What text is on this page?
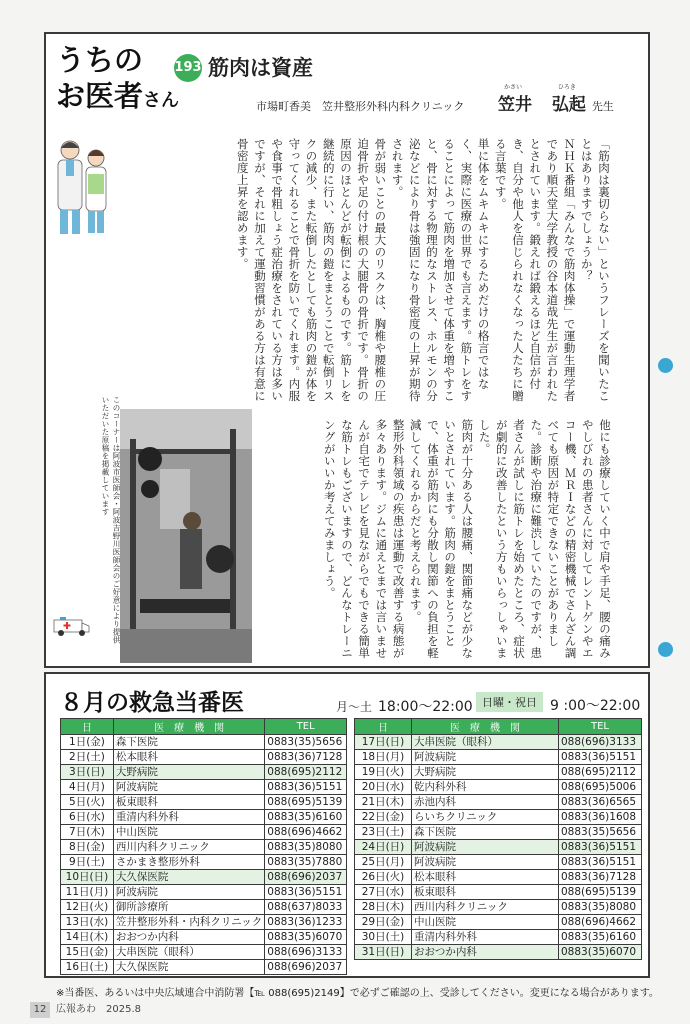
うちの
お医者さん
193 筋肉は資産
市場町香美　笠井整形外科内科クリニック
かさい
笠井
ひろき
弘起 先生
「筋肉は裏切らない」というフレーズを聞いたことはありますでしょうか？
ＮＨＫ番組「みんなで筋肉体操」で運動生理学者であり順天堂大学教授の谷本道哉先生が言われたとされています。鍛えれば鍛えるほど自信が付き、自分や他人を信じられなくなった人たちに贈る言葉です。
単に体をムキムキにするためだけの格言ではなく、実際に医療の世界でも言えます。筋トレをすることによって筋肉を増加させて体重を増やすこと、骨に対する物理的なストレス、ホルモンの分泌などにより骨は強固になり骨密度の上昇が期待されます。
骨が弱いことの最大のリスクは、胸椎や腰椎の圧迫骨折や足の付け根の大腿骨の骨折です。骨折の原因のほとんどが転倒によるものです。筋トレを継続的に行い、筋肉の鎧をまとうことで転倒リスクの減少、また転倒したとしても筋肉の鎧が体を守ってくれることで骨折を防いでくれます。内服や食事で骨粗しょう症治療をされている方は多いですが、それに加えて運動習慣がある方は有意に骨密度上昇を認めます。
このコーナーは阿波市医師会・阿波吉野川医師会のご好意により提供いただいた原稿を掲載しています	他にも診療していく中で肩や手足、腰の痛みやしびれの患者さんに対してレントゲンやエコー機、ＭＲＩなどの精密機械でさんざん調べても原因が特定できないことがありました。診断や治療に難渋していたのですが、患者さんが試しに筋トレを始めたところ、症状が劇的に改善したという方もいらっしゃいました。
筋肉が十分ある人は腰痛、関節痛などが少ないとされています。筋肉の鎧をまとうことで、体重が筋肉にも分散し関節への負担を軽減してくれるからだと考えられます。
整形外科領域の疾患は運動で改善する病態が多々あります。ジムに通えとまでは言いませんが自宅でテレビを見ながらでもできる簡単な筋トレもございますので、どんなトレーニングがいいか考えてみましょう。
８月の救急当番医	月〜土 18:00〜22:00 日曜・祝日 9 :00〜22:00
日	医　療　機　関	TEL
1日(金)	森下医院	0883(35)5656
2日(土)	松本眼科	0883(36)7128
3日(日)	大野病院	088(695)2112
4日(月)	阿波病院	0883(36)5151
5日(火)	板東眼科	088(695)5139
6日(水)	重清内科外科	0883(35)6160
7日(木)	中山医院	088(696)4662
8日(金)	西川内科クリニック	0883(35)8080
9日(土)	さかまき整形外科	0883(35)7880
10日(日)	大久保医院	088(696)2037
11日(月)	阿波病院	0883(36)5151
12日(火)	御所診療所	088(637)8033
13日(水)	笠井整形外科・内科クリニック	0883(36)1233
14日(木)	おおつか内科	0883(35)6070
15日(金)	大串医院（眼科）	088(696)3133
16日(土)	大久保医院	088(696)2037
日	医　療　機　関	TEL
17日(日)	大串医院（眼科）	088(696)3133
18日(月)	阿波病院	0883(36)5151
19日(火)	大野病院	088(695)2112
20日(水)	乾内科外科	088(695)5006
21日(木)	赤池内科	0883(36)6565
22日(金)	らいちクリニック	0883(36)1608
23日(土)	森下医院	0883(35)5656
24日(日)	阿波病院	0883(36)5151
25日(月)	阿波病院	0883(36)5151
26日(火)	松本眼科	0883(36)7128
27日(水)	板東眼科	088(695)5139
28日(木)	西川内科クリニック	0883(35)8080
29日(金)	中山医院	088(696)4662
30日(土)	重清内科外科	0883(35)6160
31日(日)	おおつか内科	0883(35)6070
※当番医、あるいは中央広域連合中消防署【℡ 088(695)2149】で必ずご確認の上、受診してください。変更になる場合があります。
12 広報あわ　2025.8
